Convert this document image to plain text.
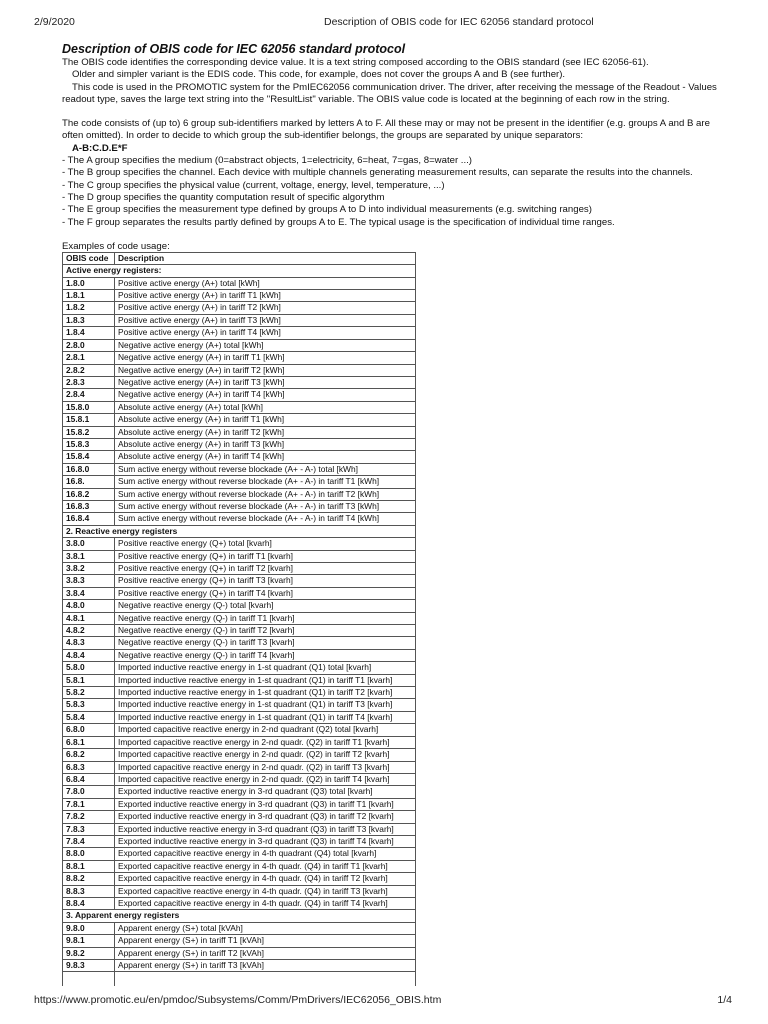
2/9/2020	Description of OBIS code for IEC 62056 standard protocol
Description of OBIS code for IEC 62056 standard protocol

The OBIS code identifies the corresponding device value. It is a text string composed according to the OBIS standard (see IEC 62056-61).

Older and simpler variant is the EDIS code. This code, for example, does not cover the groups A and B (see further).

This code is used in the PROMOTIC system for the PmIEC62056 communication driver. The driver, after receiving the message of the Readout - Values readout type, saves the large text string into the "ResultList" variable. The OBIS value code is located at the beginning of each row in the string.

The code consists of (up to) 6 group sub-identifiers marked by letters A to F. All these may or may not be present in the identifier (e.g. groups A and B are often omitted). In order to decide to which group the sub-identifier belongs, the groups are separated by unique separators:

A-B:C.D.E*F
- The A group specifies the medium (0=abstract objects, 1=electricity, 6=heat, 7=gas, 8=water ...)
- The B group specifies the channel. Each device with multiple channels generating measurement results, can separate the results into the channels.
- The C group specifies the physical value (current, voltage, energy, level, temperature, ...)
- The D group specifies the quantity computation result of specific algorythm
- The E group specifies the measurement type defined by groups A to D into individual measurements (e.g. switching ranges)
- The F group separates the results partly defined by groups A to E. The typical usage is the specification of individual time ranges.
Examples of code usage:
OBIS code	Description
Active energy registers:	
1.8.0	Positive active energy (A+) total [kWh]
1.8.1	Positive active energy (A+) in tariff T1 [kWh]
1.8.2	Positive active energy (A+) in tariff T2 [kWh]
1.8.3	Positive active energy (A+) in tariff T3 [kWh]
1.8.4	Positive active energy (A+) in tariff T4 [kWh]
2.8.0	Negative active energy (A+) total [kWh]
2.8.1	Negative active energy (A+) in tariff T1 [kWh]
2.8.2	Negative active energy (A+) in tariff T2 [kWh]
2.8.3	Negative active energy (A+) in tariff T3 [kWh]
2.8.4	Negative active energy (A+) in tariff T4 [kWh]
15.8.0	Absolute active energy (A+) total [kWh]
15.8.1	Absolute active energy (A+) in tariff T1 [kWh]
15.8.2	Absolute active energy (A+) in tariff T2 [kWh]
15.8.3	Absolute active energy (A+) in tariff T3 [kWh]
15.8.4	Absolute active energy (A+) in tariff T4 [kWh]
16.8.0	Sum active energy without reverse blockade (A+ - A-) total [kWh]
16.8.	Sum active energy without reverse blockade (A+ - A-) in tariff T1 [kWh]
16.8.2	Sum active energy without reverse blockade (A+ - A-) in tariff T2 [kWh]
16.8.3	Sum active energy without reverse blockade (A+ - A-) in tariff T3 [kWh]
16.8.4	Sum active energy without reverse blockade (A+ - A-) in tariff T4 [kWh]
2. Reactive energy registers	
3.8.0	Positive reactive energy (Q+) total [kvarh]
3.8.1	Positive reactive energy (Q+) in tariff T1 [kvarh]
3.8.2	Positive reactive energy (Q+) in tariff T2 [kvarh]
3.8.3	Positive reactive energy (Q+) in tariff T3 [kvarh]
3.8.4	Positive reactive energy (Q+) in tariff T4 [kvarh]
4.8.0	Negative reactive energy (Q-) total [kvarh]
4.8.1	Negative reactive energy (Q-) in tariff T1 [kvarh]
4.8.2	Negative reactive energy (Q-) in tariff T2 [kvarh]
4.8.3	Negative reactive energy (Q-) in tariff T3 [kvarh]
4.8.4	Negative reactive energy (Q-) in tariff T4 [kvarh]
5.8.0	Imported inductive reactive energy in 1-st quadrant (Q1) total [kvarh]
5.8.1	Imported inductive reactive energy in 1-st quadrant (Q1) in tariff T1 [kvarh]
5.8.2	Imported inductive reactive energy in 1-st quadrant (Q1) in tariff T2 [kvarh]
5.8.3	Imported inductive reactive energy in 1-st quadrant (Q1) in tariff T3 [kvarh]
5.8.4	Imported inductive reactive energy in 1-st quadrant (Q1) in tariff T4 [kvarh]
6.8.0	Imported capacitive reactive energy in 2-nd quadrant (Q2) total [kvarh]
6.8.1	Imported capacitive reactive energy in 2-nd quadr. (Q2) in tariff T1 [kvarh]
6.8.2	Imported capacitive reactive energy in 2-nd quadr. (Q2) in tariff T2 [kvarh]
6.8.3	Imported capacitive reactive energy in 2-nd quadr. (Q2) in tariff T3 [kvarh]
6.8.4	Imported capacitive reactive energy in 2-nd quadr. (Q2) in tariff T4 [kvarh]
7.8.0	Exported inductive reactive energy in 3-rd quadrant (Q3) total [kvarh]
7.8.1	Exported inductive reactive energy in 3-rd quadrant (Q3) in tariff T1 [kvarh]
7.8.2	Exported inductive reactive energy in 3-rd quadrant (Q3) in tariff T2 [kvarh]
7.8.3	Exported inductive reactive energy in 3-rd quadrant (Q3) in tariff T3 [kvarh]
7.8.4	Exported inductive reactive energy in 3-rd quadrant (Q3) in tariff T4 [kvarh]
8.8.0	Exported capacitive reactive energy in 4-th quadrant (Q4) total [kvarh]
8.8.1	Exported capacitive reactive energy in 4-th quadr. (Q4) in tariff T1 [kvarh]
8.8.2	Exported capacitive reactive energy in 4-th quadr. (Q4) in tariff T2 [kvarh]
8.8.3	Exported capacitive reactive energy in 4-th quadr. (Q4) in tariff T3 [kvarh]
8.8.4	Exported capacitive reactive energy in 4-th quadr. (Q4) in tariff T4 [kvarh]
3. Apparent energy registers	
9.8.0	Apparent energy (S+) total [kVAh]
9.8.1	Apparent energy (S+) in tariff T1 [kVAh]
9.8.2	Apparent energy (S+) in tariff T2 [kVAh]
9.8.3	Apparent energy (S+) in tariff T3 [kVAh]

https://www.promotic.eu/en/pmdoc/Subsystems/Comm/PmDrivers/IEC62056_OBIS.htm	1/4
